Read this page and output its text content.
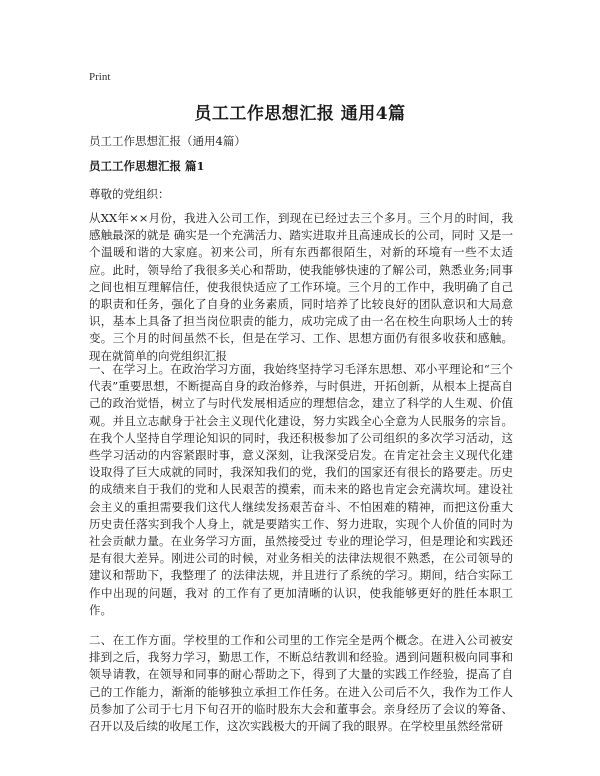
Print
员工工作思想汇报 通用4篇
员工工作思想汇报（通用4篇）
员工工作思想汇报 篇1
尊敬的党组织：

从XX年××月份，我进入公司工作，到现在已经过去三个多月。三个月的时间，我感触最深的就是 确实是一个充满活力、踏实进取并且高速成长的公司，同时 又是一个温暖和谐的大家庭。初来公司，所有东西都很陌生，对新的环境有一些不太适应。此时，领导给了我很多关心和帮助，使我能够快速的了解公司，熟悉业务;同事之间也相互理解信任，使我很快适应了工作环境。三个月的工作中，我明确了自己的职责和任务，强化了自身的业务素质，同时培养了比较良好的团队意识和大局意识，基本上具备了担当岗位职责的能力，成功完成了由一名在校生向职场人士的转变。三个月的时间虽然不长，但是在学习、工作、思想方面仍有很多收获和感触。现在就简单的向党组织汇报

一、在学习上。在政治学习方面，我始终坚持学习毛泽东思想、邓小平理论和“三个代表”重要思想，不断提高自身的政治修养，与时俱进，开拓创新，从根本上提高自己的政治觉悟，树立了与时代发展相适应的理想信念，建立了科学的人生观、价值观。并且立志献身于社会主义现代化建设，努力实践全心全意为人民服务的宗旨。在我个人坚持自学理论知识的同时，我还积极参加了公司组织的多次学习活动，这些学习活动的内容紧跟时事，意义深刻，让我深受启发。在肯定社会主义现代化建设取得了巨大成就的同时，我深知我们的党，我们的国家还有很长的路要走。历史的成绩来自于我们的党和人民艰苦的摸索，而未来的路也肯定会充满坎坷。建设社会主义的重担需要我们这代人继续发扬艰苦奋斗、不怕困难的精神，而把这份重大历史责任落实到我个人身上，就是要踏实工作、努力进取，实现个人价值的同时为社会贡献力量。在业务学习方面，虽然接受过 专业的理论学习，但是理论和实践还是有很大差异。刚进公司的时候，对业务相关的法律法规很不熟悉，在公司领导的建议和帮助下，我整理了 的法律法规，并且进行了系统的学习。期间，结合实际工作中出现的问题，我对 的工作有了更加清晰的认识，使我能够更好的胜任本职工作。

二、在工作方面。学校里的工作和公司里的工作完全是两个概念。在进入公司被安排到之后，我努力学习，勤思工作，不断总结教训和经验。遇到问题积极向同事和领导请教，在领导和同事的耐心帮助之下，得到了大量的实践工作经验，提高了自己的工作能力，渐渐的能够独立承担工作任务。在进入公司后不久，我作为工作人员参加了公司于七月下旬召开的临时股东大会和董事会。亲身经历了会议的筹备、召开以及后续的收尾工作，这次实践极大的开阔了我的眼界。在学校里虽然经常研
